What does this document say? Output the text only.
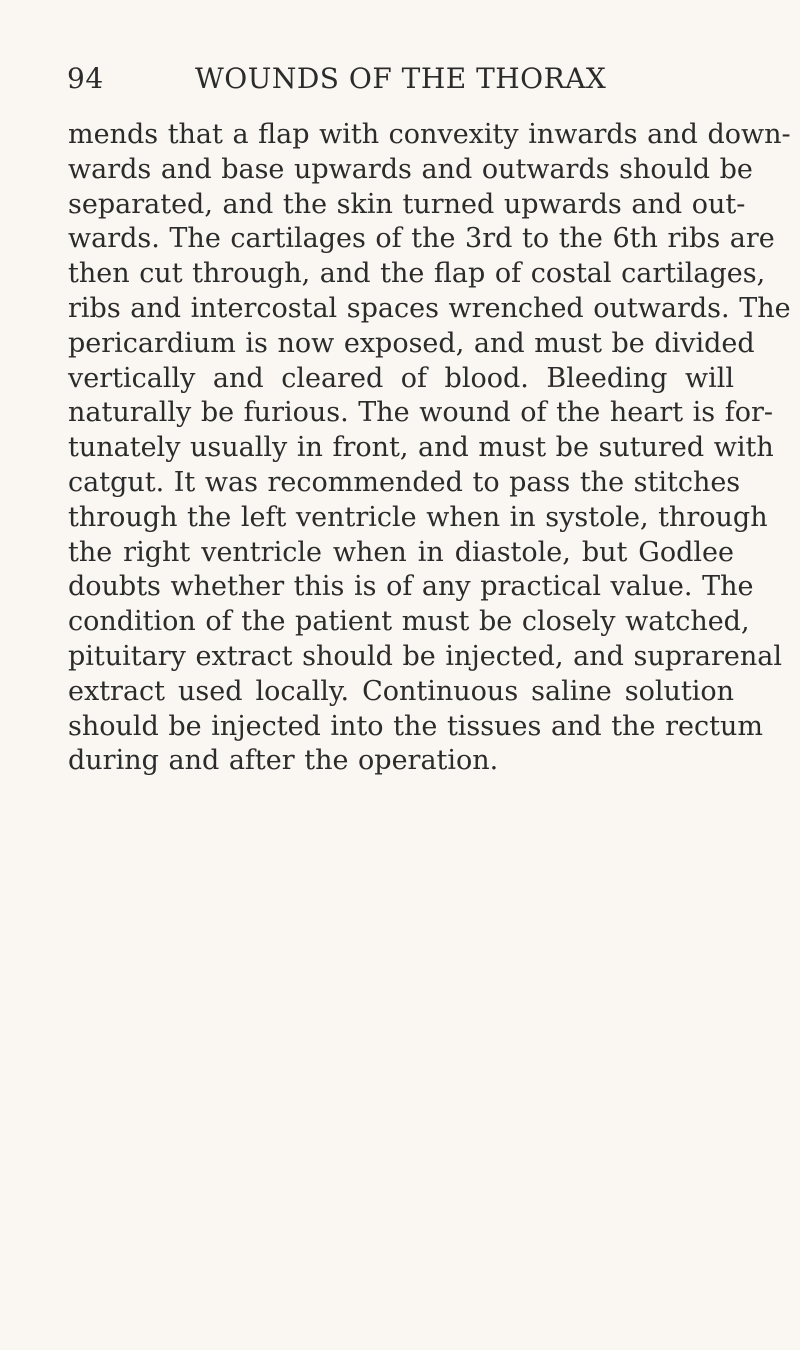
94	WOUNDS OF THE THORAX
mends that a flap with convexity inwards and down-
wards and base upwards and outwards should be
separated, and the skin turned upwards and out-
wards. The cartilages of the 3rd to the 6th ribs are
then cut through, and the flap of costal cartilages,
ribs and intercostal spaces wrenched outwards. The
pericardium is now exposed, and must be divided
vertically and cleared of blood. Bleeding will
naturally be furious. The wound of the heart is for-
tunately usually in front, and must be sutured with
catgut. It was recommended to pass the stitches
through the left ventricle when in systole, through
the right ventricle when in diastole, but Godlee
doubts whether this is of any practical value. The
condition of the patient must be closely watched,
pituitary extract should be injected, and suprarenal
extract used locally. Continuous saline solution
should be injected into the tissues and the rectum
during and after the operation.
